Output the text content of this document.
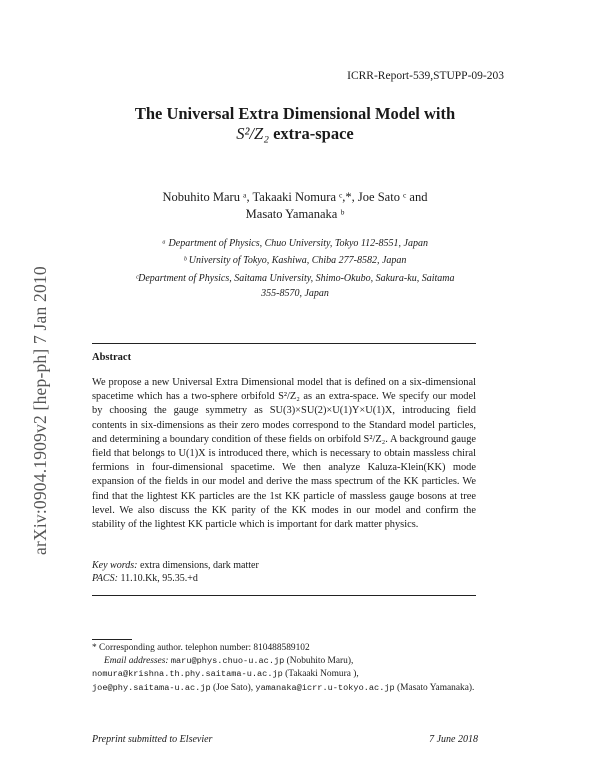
arXiv:0904.1909v2 [hep-ph] 7 Jan 2010
ICRR-Report-539,STUPP-09-203
The Universal Extra Dimensional Model with
S²/Z₂ extra-space
Nobuhito Maru ᵃ, Takaaki Nomura ᶜ,*, Joe Sato ᶜ and
Masato Yamanaka ᵇ
ᵃ Department of Physics, Chuo University, Tokyo 112-8551, Japan
ᵇ University of Tokyo, Kashiwa, Chiba 277-8582, Japan
ᶜDepartment of Physics, Saitama University, Shimo-Okubo, Sakura-ku, Saitama
355-8570, Japan
Abstract
We propose a new Universal Extra Dimensional model that is defined on a six-dimensional spacetime which has a two-sphere orbifold S²/Z₂ as an extra-space. We specify our model by choosing the gauge symmetry as SU(3)×SU(2)×U(1)Y×U(1)X, introducing field contents in six-dimensions as their zero modes correspond to the Standard model particles, and determining a boundary condition of these fields on orbifold S²/Z₂. A background gauge field that belongs to U(1)X is introduced there, which is necessary to obtain massless chiral fermions in four-dimensional spacetime. We then analyze Kaluza-Klein(KK) mode expansion of the fields in our model and derive the mass spectrum of the KK particles. We find that the lightest KK particles are the 1st KK particle of massless gauge bosons at tree level. We also discuss the KK parity of the KK modes in our model and confirm the stability of the lightest KK particle which is important for dark matter physics.
Key words: extra dimensions, dark matter
PACS: 11.10.Kk, 95.35.+d
* Corresponding author. telephon number: 810488589102
Email addresses: maru@phys.chuo-u.ac.jp (Nobuhito Maru),
nomura@krishna.th.phy.saitama-u.ac.jp (Takaaki Nomura ),
joe@phy.saitama-u.ac.jp (Joe Sato), yamanaka@icrr.u-tokyo.ac.jp (Masato Yamanaka).
Preprint submitted to Elsevier	7 June 2018
